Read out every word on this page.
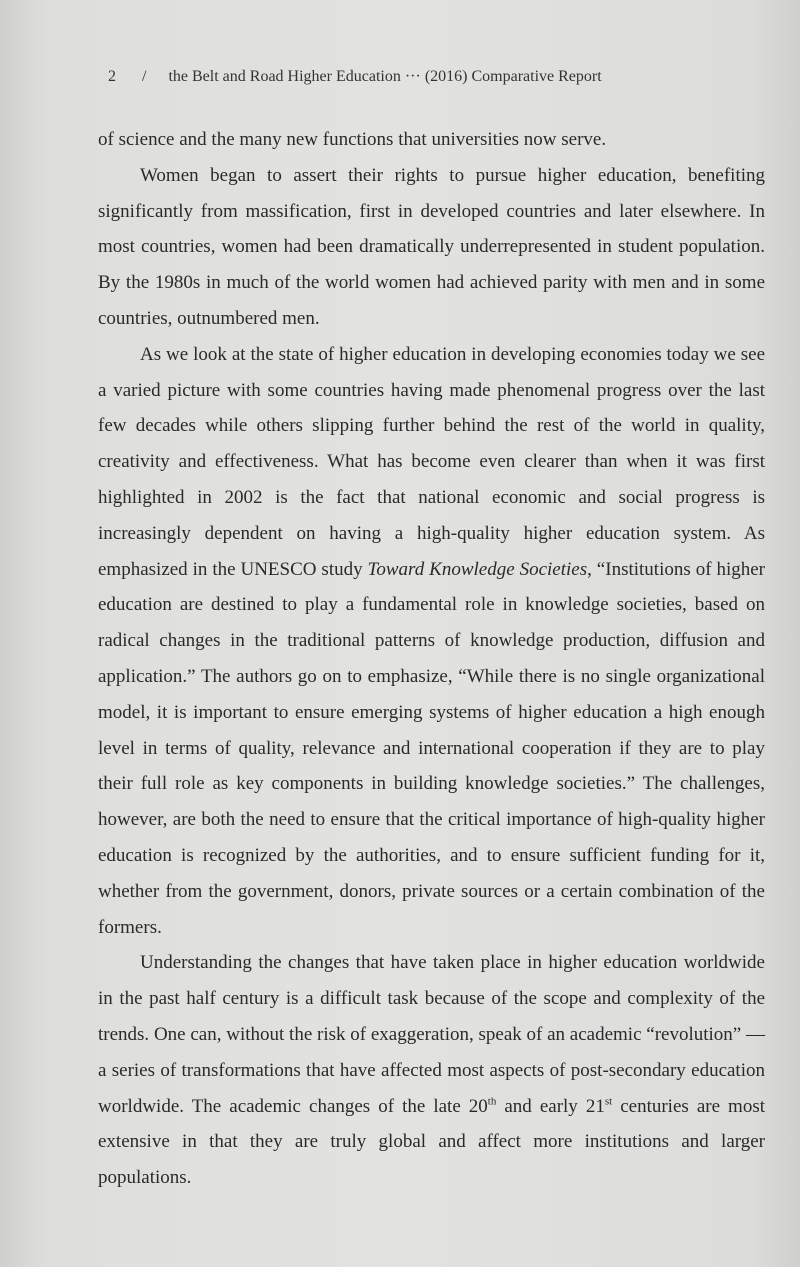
2 / the Belt and Road Higher Education ··· (2016) Comparative Report

of science and the many new functions that universities now serve.

Women began to assert their rights to pursue higher education, benefiting significantly from massification, first in developed countries and later elsewhere. In most countries, women had been dramatically underrepresented in student population. By the 1980s in much of the world women had achieved parity with men and in some countries, outnumbered men.

As we look at the state of higher education in developing economies today we see a varied picture with some countries having made phenomenal progress over the last few decades while others slipping further behind the rest of the world in quality, creativity and effectiveness. What has become even clearer than when it was first highlighted in 2002 is the fact that national economic and social progress is increasingly dependent on having a high-quality higher education system. As emphasized in the UNESCO study Toward Knowledge Societies, “Institutions of higher education are destined to play a fundamental role in knowledge societies, based on radical changes in the traditional patterns of knowledge production, diffusion and application.” The authors go on to emphasize, “While there is no single organizational model, it is important to ensure emerging systems of higher education a high enough level in terms of quality, relevance and international cooperation if they are to play their full role as key components in building knowledge societies.” The challenges, however, are both the need to ensure that the critical importance of high-quality higher education is recognized by the authorities, and to ensure sufficient funding for it, whether from the government, donors, private sources or a certain combination of the formers.

Understanding the changes that have taken place in higher education worldwide in the past half century is a difficult task because of the scope and complexity of the trends. One can, without the risk of exaggeration, speak of an academic “revolution” —a series of transformations that have affected most aspects of post-secondary education worldwide. The academic changes of the late 20th and early 21st centuries are most extensive in that they are truly global and affect more institutions and larger populations.
